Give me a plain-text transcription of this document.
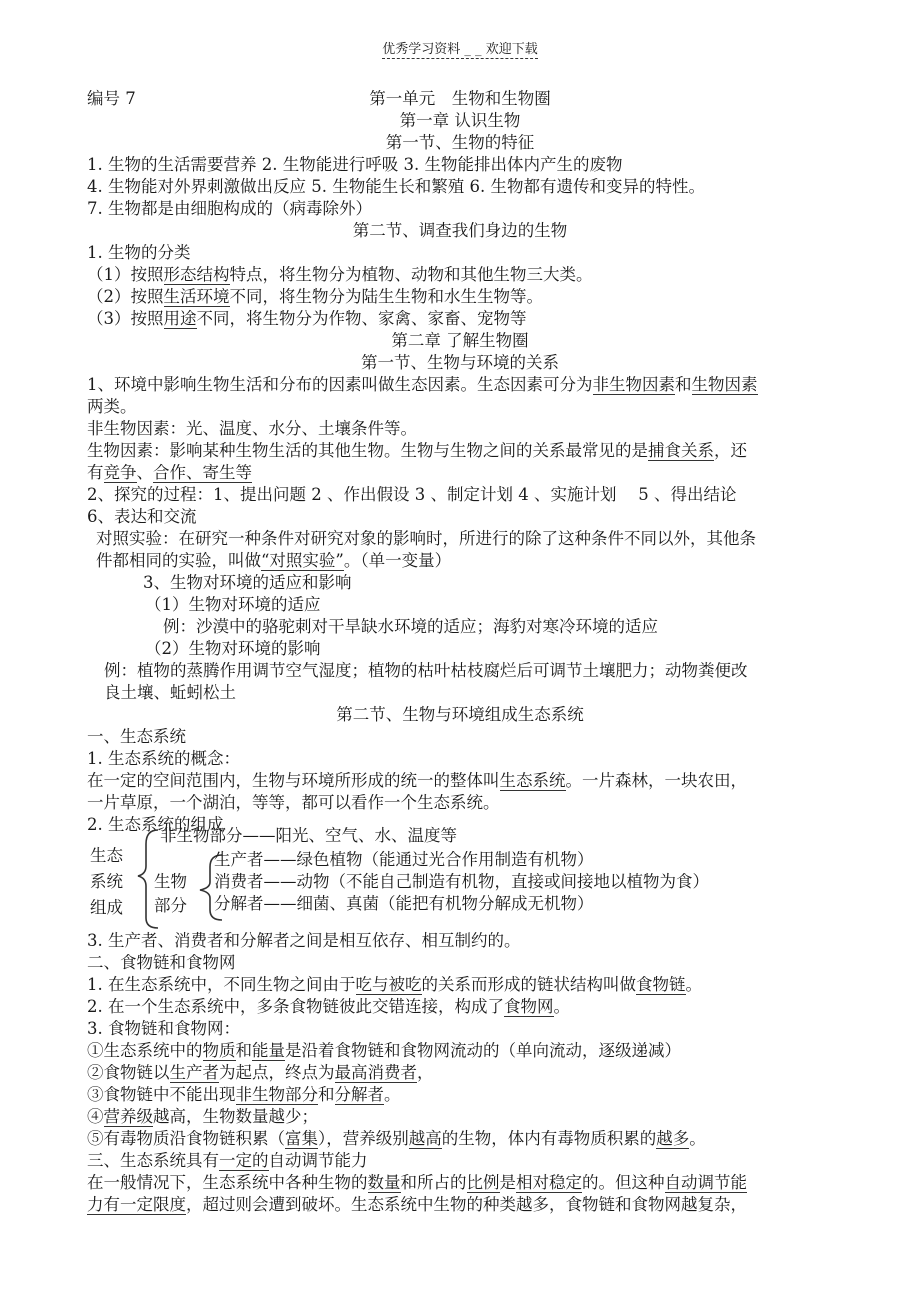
优秀学习资料 _ _ 欢迎下载
编号 7	第一单元　生物和生物圈
第一章 认识生物
第一节、生物的特征
1. 生物的生活需要营养 2. 生物能进行呼吸 3. 生物能排出体内产生的废物
4. 生物能对外界刺激做出反应 5. 生物能生长和繁殖 6. 生物都有遗传和变异的特性。
7. 生物都是由细胞构成的（病毒除外）
第二节、调查我们身边的生物
1. 生物的分类
（1）按照形态结构特点，将生物分为植物、动物和其他生物三大类。
（2）按照生活环境不同，将生物分为陆生生物和水生生物等。
（3）按照用途不同，将生物分为作物、家禽、家畜、宠物等
第二章 了解生物圈
第一节、生物与环境的关系
1、环境中影响生物生活和分布的因素叫做生态因素。生态因素可分为非生物因素和生物因素
两类。
非生物因素：光、温度、水分、土壤条件等。
生物因素：影响某种生物生活的其他生物。生物与生物之间的关系最常见的是捕食关系，还
有竞争、合作、寄生等
2、探究的过程：1、提出问题 2 、作出假设 3 、制定计划 4 、实施计划　 5 、得出结论
6、表达和交流
对照实验：在研究一种条件对研究对象的影响时，所进行的除了这种条件不同以外，其他条
件都相同的实验，叫做“对照实验”。（单一变量）
3、生物对环境的适应和影响
（1）生物对环境的适应
例：沙漠中的骆驼刺对干旱缺水环境的适应；海豹对寒冷环境的适应
（2）生物对环境的影响
例：植物的蒸腾作用调节空气湿度；植物的枯叶枯枝腐烂后可调节土壤肥力；动物粪便改
良土壤、蚯蚓松土
第二节、生物与环境组成生态系统
一、生态系统
1. 生态系统的概念：
在一定的空间范围内，生物与环境所形成的统一的整体叫生态系统。一片森林，一块农田，
一片草原，一个湖泊，等等，都可以看作一个生态系统。
2. 生态系统的组成
生态
系统
组成
非生物部分——阳光、空气、水、温度等
生物
部分
生产者——绿色植物（能通过光合作用制造有机物）
消费者——动物（不能自己制造有机物，直接或间接地以植物为食）
分解者——细菌、真菌（能把有机物分解成无机物）
3. 生产者、消费者和分解者之间是相互依存、相互制约的。
二、食物链和食物网
1. 在生态系统中，不同生物之间由于吃与被吃的关系而形成的链状结构叫做食物链。
2. 在一个生态系统中，多条食物链彼此交错连接，构成了食物网。
3. 食物链和食物网：
①生态系统中的物质和能量是沿着食物链和食物网流动的（单向流动，逐级递减）
②食物链以生产者为起点，终点为最高消费者，
③食物链中不能出现非生物部分和分解者。
④营养级越高，生物数量越少；
⑤有毒物质沿食物链积累（富集），营养级别越高的生物，体内有毒物质积累的越多。
三、生态系统具有一定的自动调节能力
在一般情况下，生态系统中各种生物的数量和所占的比例是相对稳定的。但这种自动调节能
力有一定限度，超过则会遭到破坏。生态系统中生物的种类越多，食物链和食物网越复杂，
